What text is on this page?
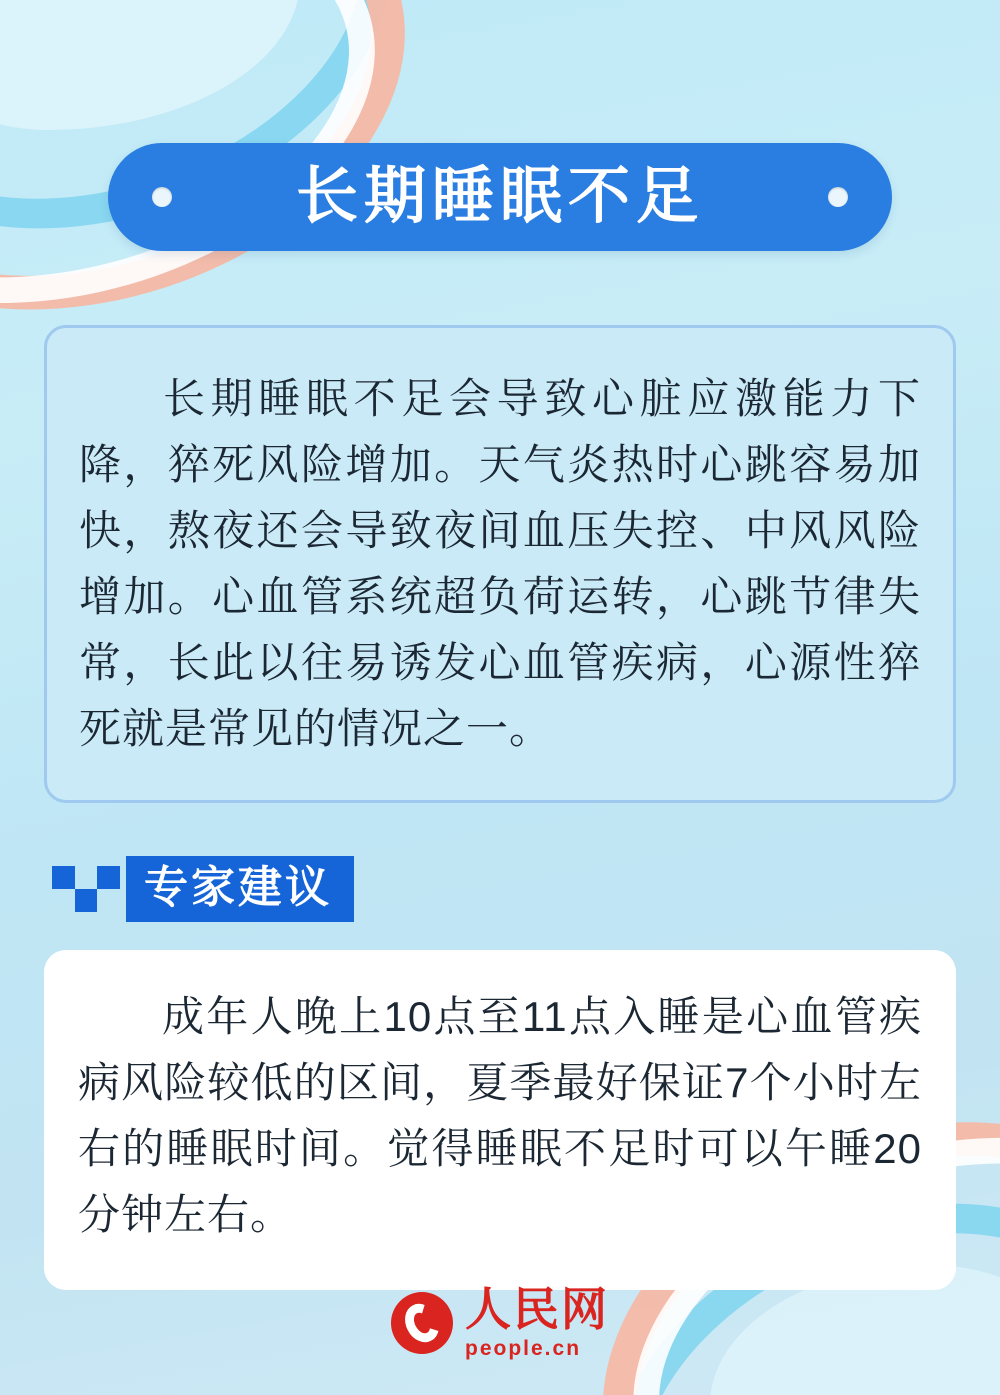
长期睡眠不足
长期睡眠不足会导致心脏应激能力下降，猝死风险增加。天气炎热时心跳容易加快，熬夜还会导致夜间血压失控、中风风险增加。心血管系统超负荷运转，心跳节律失常，长此以往易诱发心血管疾病，心源性猝死就是常见的情况之一。
专家建议
成年人晚上10点至11点入睡是心血管疾病风险较低的区间，夏季最好保证7个小时左右的睡眠时间。觉得睡眠不足时可以午睡20分钟左右。
人民网
people.cn
